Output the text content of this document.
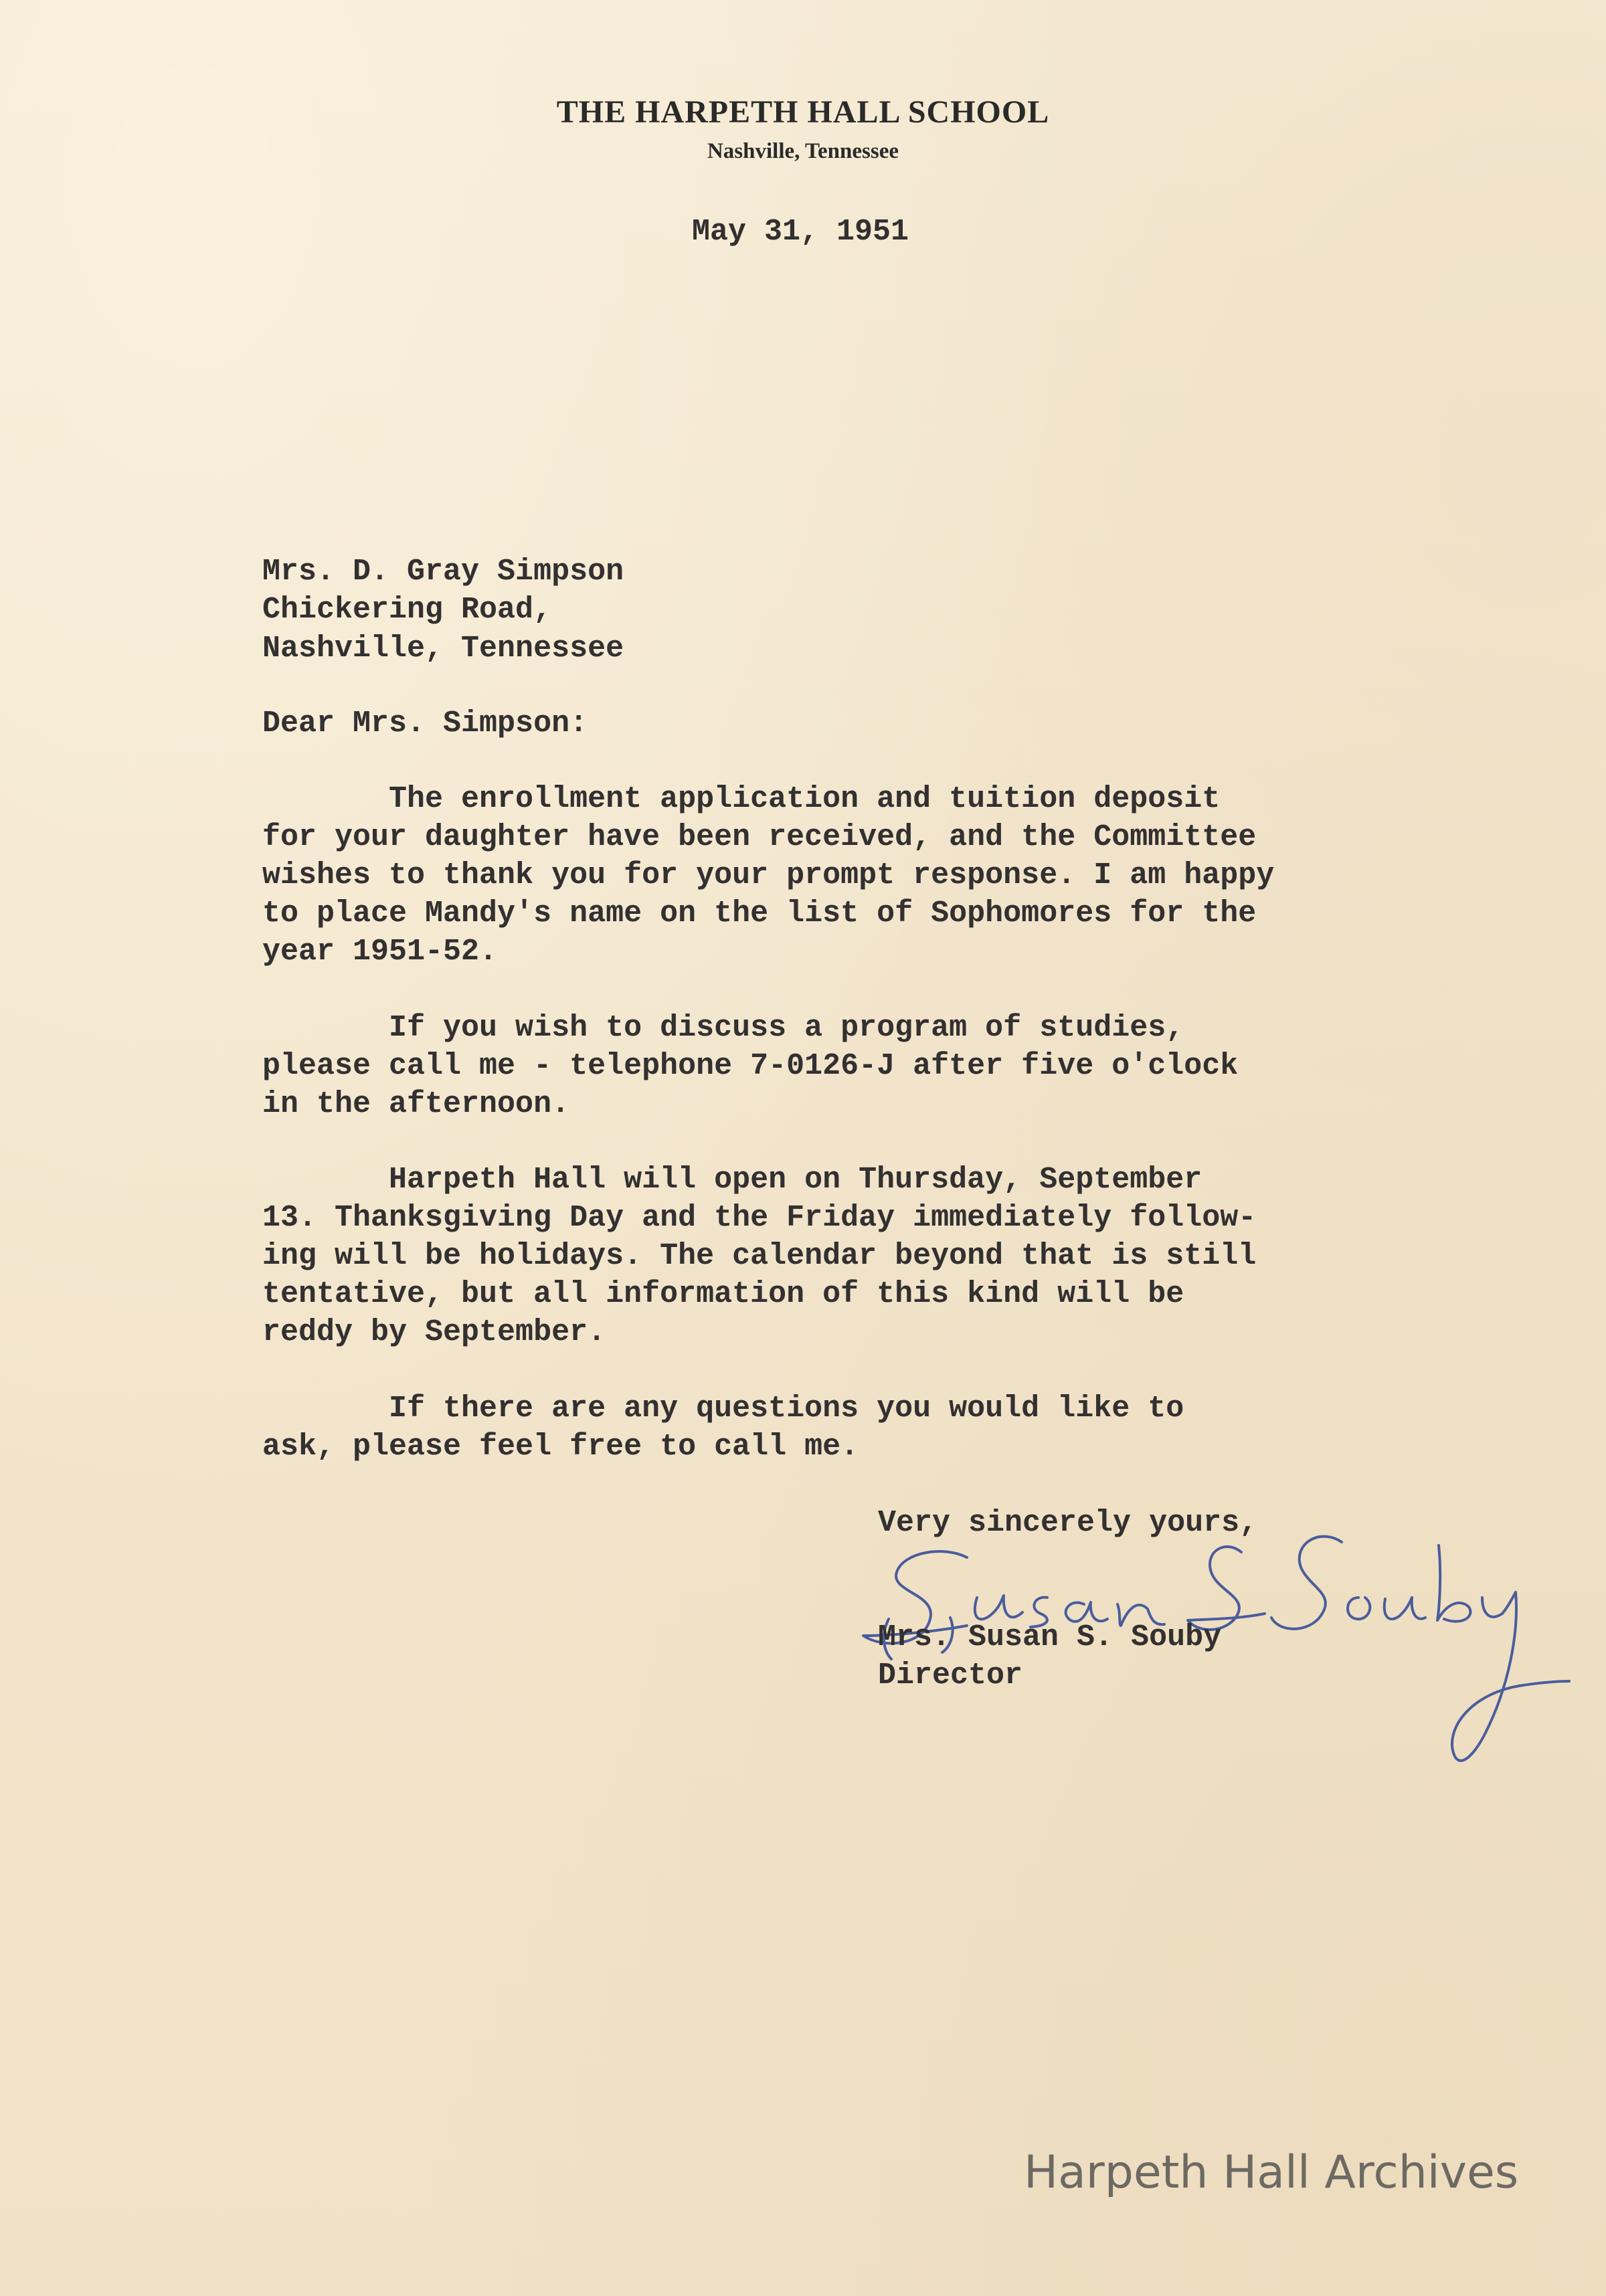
THE HARPETH HALL SCHOOL
Nashville, Tennessee
May 31, 1951
Mrs. D. Gray Simpson
Chickering Road,
Nashville, Tennessee
Dear Mrs. Simpson:
The enrollment application and tuition deposit
for your daughter have been received, and the Committee
wishes to thank you for your prompt response. I am happy
to place Mandy's name on the list of Sophomores for the
year 1951-52.
If you wish to discuss a program of studies,
please call me - telephone 7-0126-J after five o'clock
in the afternoon.
Harpeth Hall will open on Thursday, September
13. Thanksgiving Day and the Friday immediately follow-
ing will be holidays. The calendar beyond that is still
tentative, but all information of this kind will be
reddy by September.
If there are any questions you would like to
ask, please feel free to call me.
Very sincerely yours,
Mrs. Susan S. Souby
Director
Harpeth Hall Archives
